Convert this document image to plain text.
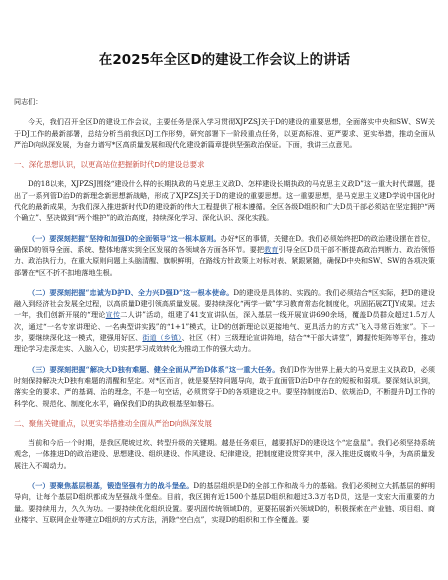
在2025年全区D的建设工作会议上的讲话

同志们：

今天，我们召开全区D的建设工作会议，主要任务是深入学习贯彻XJPZSJ关于D的建设的重要思想，全面落实中央和SW、SW关于DJ工作的最新部署，总结分析当前我区DJ工作形势，研究部署下一阶段重点任务，以更高标准、更严要求、更实举措，推动全面从严治D向纵深发展，为奋力谱写*区高质量发展和现代化建设新篇章提供坚强政治保证。下面，我讲三点意见。

一、深化思想认识，以更高站位把握新时代D的建设总要求

D的18以来，XJPZSJ围绕“建设什么样的长期执政的马克思主义政D、怎样建设长期执政的马克思主义政D”这一重大时代课题，提出了一系列管D治D的新理念新思想新战略，形成了XJPZSJ关于D的建设的重要思想。这一重要思想，是马克思主义建D学说中国化时代化的最新成果，为我们深入推进新时代D的建设新的伟大工程提供了根本遵循。全区各级D组织和广大D员干部必须站在坚定拥护“两个确立”、坚决做到“两个维护”的政治高度，持续深化学习、深化认识、深化实践。

（一）要深刻把握“坚持和加强D的全面领导”这一根本原则。办好*区的事情，关键在D。我们必须始终把D的政治建设摆在首位，确保D的领导全面、系统、整体地落实到全区发展的各领域各方面各环节。要把教育引导全区D员干部不断提高政治判断力、政治领悟力、政治执行力，在重大原则问题上头脑清醒、旗帜鲜明，在路线方针政策上对标对表、紧跟紧随，确保D中央和SW、SW的各项决策部署在*区不折不扣地落地生根。

（二）要深刻把握“忠诚为D护D、全力兴D强D”这一根本使命。D的建设是具体的、实践的。我们必须结合*区实际，把D的建设融入到经济社会发展全过程，以高质量D建引领高质量发展。要持续深化“两学一做”学习教育常态化制度化，巩固拓展ZTJY成果。过去一年，我们创新开展的“理论宣传二人讲”活动，组建了41支宣讲队伍，深入基层一线开展宣讲690余场，覆盖D员群众超过1.5万人次，通过“一名专家讲理论、一名典型讲实践”的“1+1”模式，让D的创新理论以更接地气、更具活力的方式“飞入寻常百姓家”。下一步，要继续深化这一模式，建强用好区、街道（乡镇）、社区（村）三级理论宣讲阵地，结合“*干部大讲堂”，蹲握传矩阵等平台，推动理论学习走深走实、入脑入心，切实把学习成效转化为推动工作的强大动力。

（三）要深刻把握“解决大D独有难题、健全全面从严治D体系”这一重大任务。我们D作为世界上最大的马克思主义执政D，必须时刻保持解决大D独有难题的清醒和坚定。对*区而言，就是要坚持问题导向，敢于直面管D治D中存在的短板和弱项。要深刻认识到，落实全的要求、严的基调、治的理念，不是一句空话，必须贯穿于D的各项建设之中。要坚持制度治D、依规治D，不断提升DJ工作的科学化、规范化、制度化水平，确保我们D的执政根基坚如磐石。

二、聚焦关键重点，以更实举措推动全面从严治D向纵深发展

当前和今后一个时期，是我区爬坡过坎、转型升级的关键期。越是任务艰巨，越要抓好D的建设这个“定盘星”。我们必须坚持系统观念，一体推进D的政治建设、思想建设、组织建设、作风建设、纪律建设，把制度建设贯穿其中，深入推进反腐败斗争，为高质量发展注入不竭动力。

（一）要聚焦基层根基，锻造坚强有力的战斗堡垒。D的基层组织是D的全部工作和战斗力的基础。我们必须树立大抓基层的鲜明导向，让每个基层D组织都成为坚强战斗堡垒。目前，我区拥有近1500个基层D组织和超过3.3万名D员，这是一支宏大而重要的力量。要持续用力，久久为功。一要持续优化组织设置。要巩固传统领域D的，更要拓展新兴领域D的，积极探索在产业链、项目组、商业楼宇、互联网企业等建立D组织的方式方法，消除“空白点”，实现D的组织和工作全覆盖。要
